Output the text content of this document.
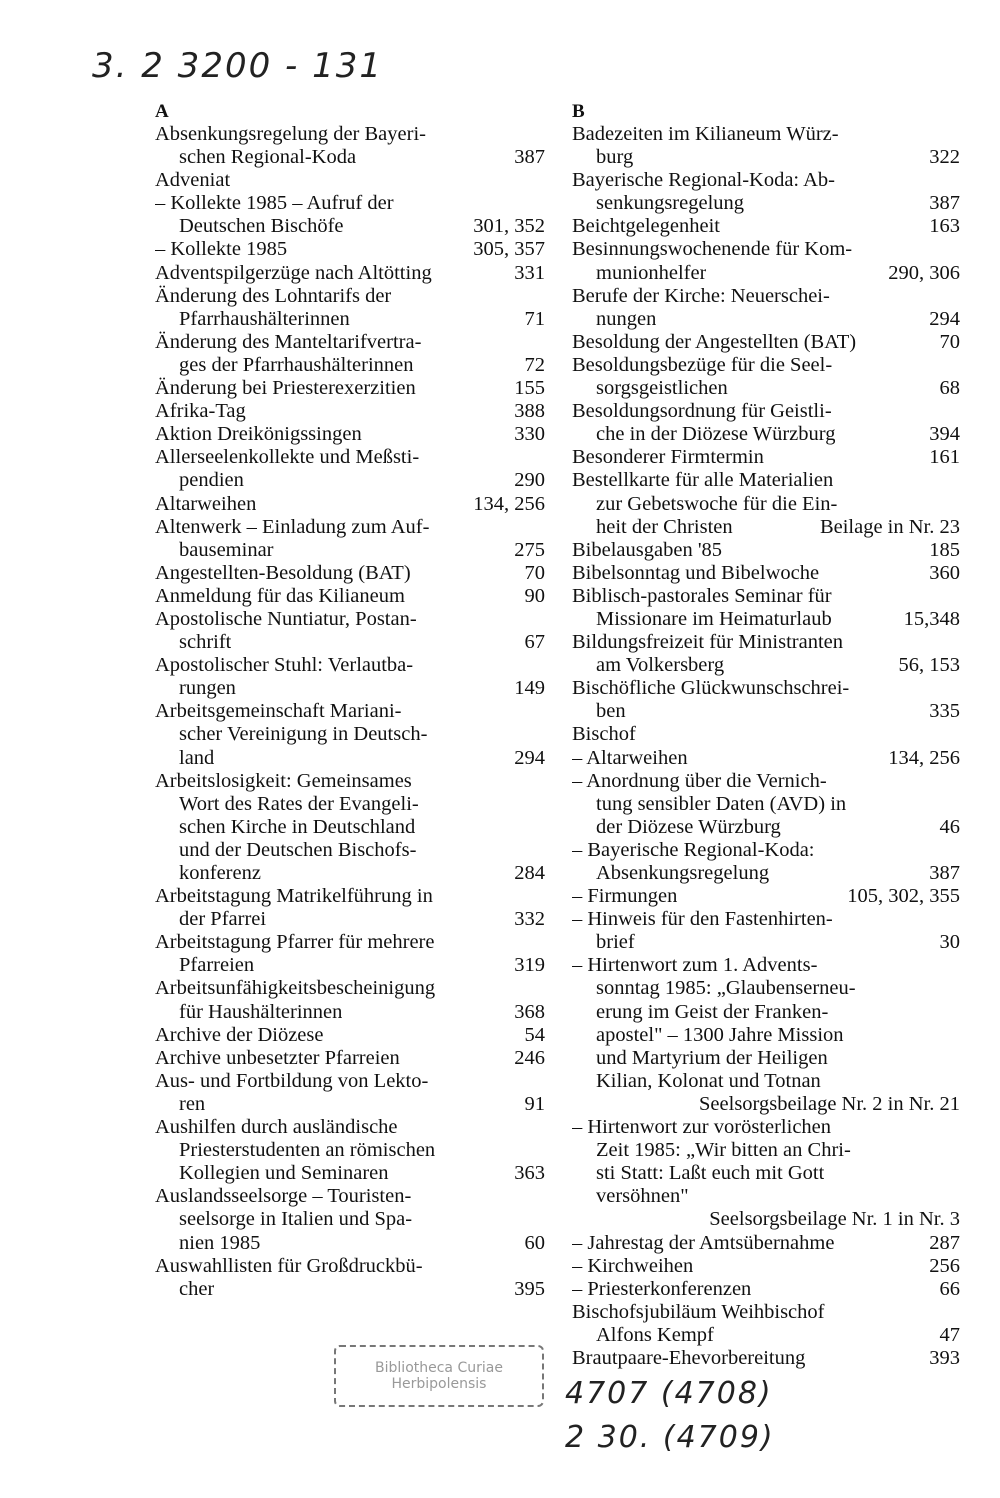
3. 2 3200 - 131
A
Absenkungsregelung der Bayeri-
schen Regional-Koda	387
Adveniat
– Kollekte 1985 – Aufruf der
Deutschen Bischöfe	301, 352
– Kollekte 1985	305, 357
Adventspilgerzüge nach Altötting	331
Änderung des Lohntarifs der
Pfarrhaushälterinnen	71
Änderung des Manteltarifvertra-
ges der Pfarrhaushälterinnen	72
Änderung bei Priesterexerzitien	155
Afrika-Tag	388
Aktion Dreikönigssingen	330
Allerseelenkollekte und Meßsti-
pendien	290
Altarweihen	134, 256
Altenwerk – Einladung zum Auf-
bauseminar	275
Angestellten-Besoldung (BAT)	70
Anmeldung für das Kilianeum	90
Apostolische Nuntiatur, Postan-
schrift	67
Apostolischer Stuhl: Verlautba-
rungen	149
Arbeitsgemeinschaft Mariani-
scher Vereinigung in Deutsch-
land	294
Arbeitslosigkeit: Gemeinsames
Wort des Rates der Evangeli-
schen Kirche in Deutschland
und der Deutschen Bischofs-
konferenz	284
Arbeitstagung Matrikelführung in
der Pfarrei	332
Arbeitstagung Pfarrer für mehrere
Pfarreien	319
Arbeitsunfähigkeitsbescheinigung
für Haushälterinnen	368
Archive der Diözese	54
Archive unbesetzter Pfarreien	246
Aus- und Fortbildung von Lekto-
ren	91
Aushilfen durch ausländische
Priesterstudenten an römischen
Kollegien und Seminaren	363
Auslandsseelsorge – Touristen-
seelsorge in Italien und Spa-
nien 1985	60
Auswahllisten für Großdruckbü-
cher	395
B
Badezeiten im Kilianeum Würz-
burg	322
Bayerische Regional-Koda: Ab-
senkungsregelung	387
Beichtgelegenheit	163
Besinnungswochenende für Kom-
munionhelfer	290, 306
Berufe der Kirche: Neuerschei-
nungen	294
Besoldung der Angestellten (BAT)	70
Besoldungsbezüge für die Seel-
sorgsgeistlichen	68
Besoldungsordnung für Geistli-
che in der Diözese Würzburg	394
Besonderer Firmtermin	161
Bestellkarte für alle Materialien
zur Gebetswoche für die Ein-
heit der Christen	Beilage in Nr. 23
Bibelausgaben '85	185
Bibelsonntag und Bibelwoche	360
Biblisch-pastorales Seminar für
Missionare im Heimaturlaub	15,348
Bildungsfreizeit für Ministranten
am Volkersberg	56, 153
Bischöfliche Glückwunschschrei-
ben	335
Bischof
– Altarweihen	134, 256
– Anordnung über die Vernich-
tung sensibler Daten (AVD) in
der Diözese Würzburg	46
– Bayerische Regional-Koda:
Absenkungsregelung	387
– Firmungen	105, 302, 355
– Hinweis für den Fastenhirten-
brief	30
– Hirtenwort zum 1. Advents-
sonntag 1985: „Glaubenserneu-
erung im Geist der Franken-
apostel" – 1300 Jahre Mission
und Martyrium der Heiligen
Kilian, Kolonat und Totnan
Seelsorgsbeilage Nr. 2 in Nr. 21
– Hirtenwort zur vorösterlichen
Zeit 1985: „Wir bitten an Chri-
sti Statt: Laßt euch mit Gott
versöhnen"
Seelsorgsbeilage Nr. 1 in Nr. 3
– Jahrestag der Amtsübernahme	287
– Kirchweihen	256
– Priesterkonferenzen	66
Bischofsjubiläum Weihbischof
Alfons Kempf	47
Brautpaare-Ehevorbereitung	393
Bibliotheca Curiae
Herbipolensis	4707 (4708)
2 30. (4709)
